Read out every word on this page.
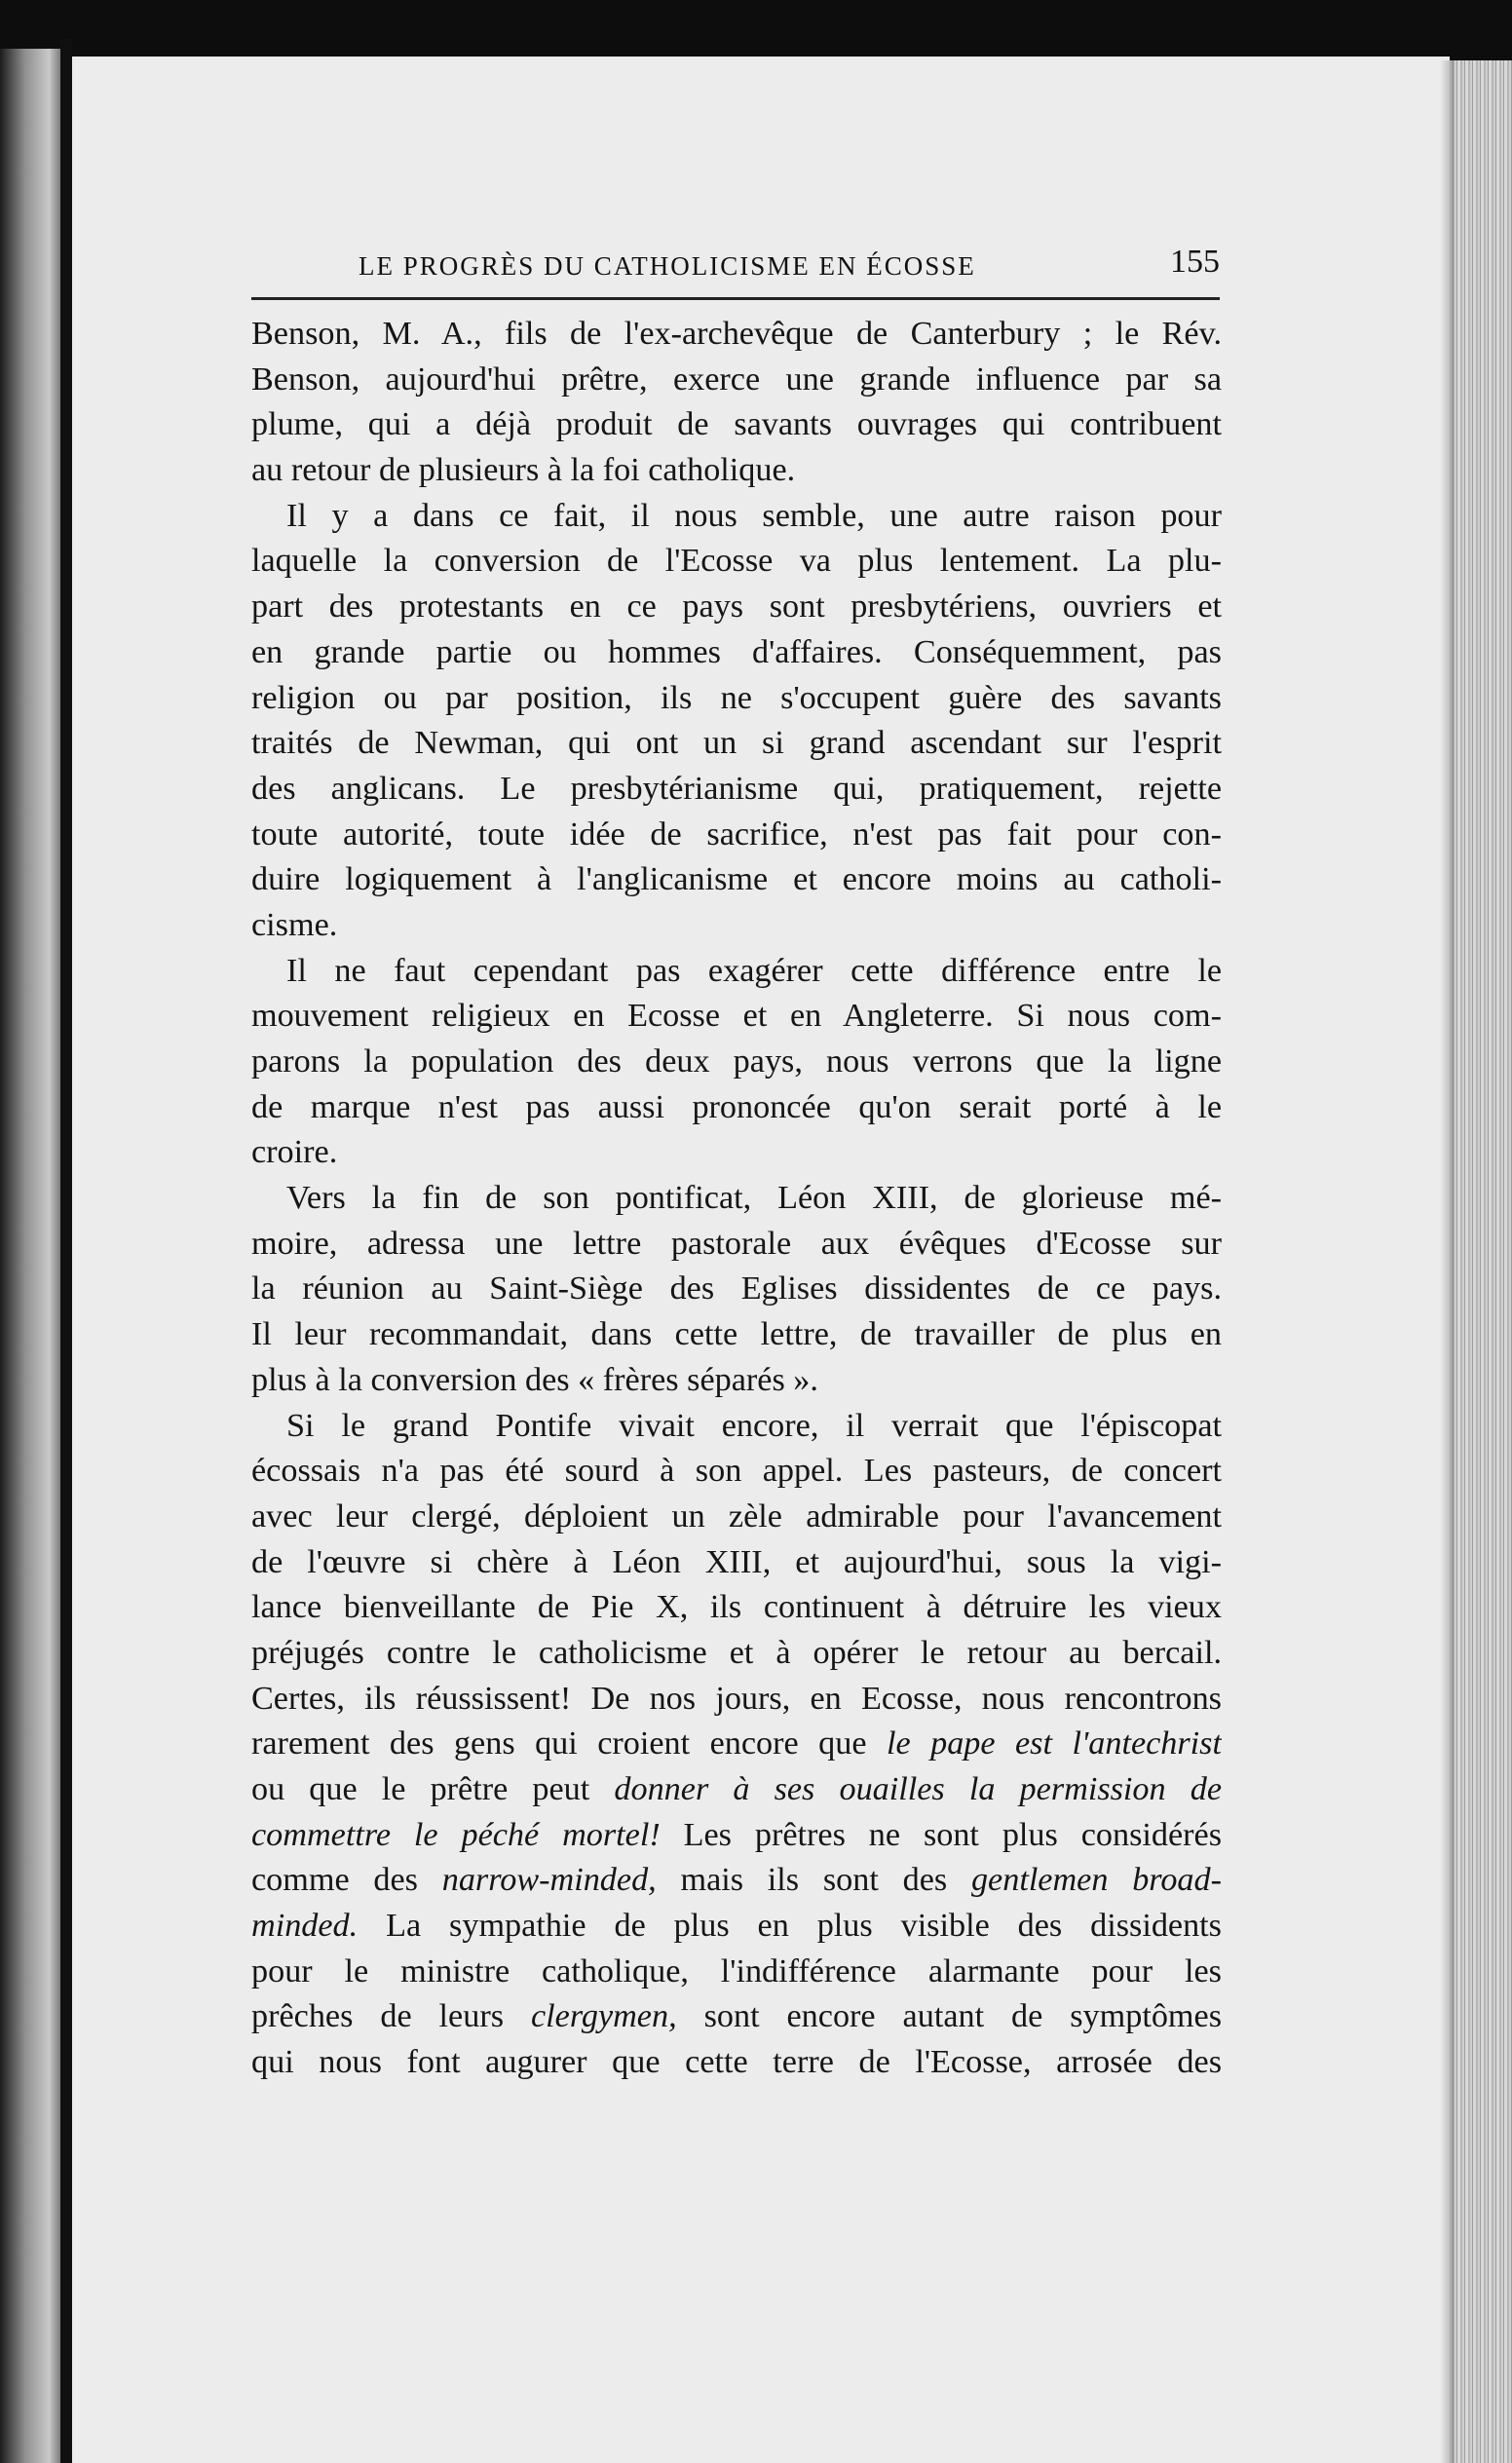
LE PROGRÈS DU CATHOLICISME EN ÉCOSSE	155
Benson, M. A., fils de l'ex-archevêque de Canterbury ; le Rév.
Benson, aujourd'hui prêtre, exerce une grande influence par sa
plume, qui a déjà produit de savants ouvrages qui contribuent
au retour de plusieurs à la foi catholique.
Il y a dans ce fait, il nous semble, une autre raison pour
laquelle la conversion de l'Ecosse va plus lentement. La plu-
part des protestants en ce pays sont presbytériens, ouvriers et
en grande partie ou hommes d'affaires. Conséquemment, pas
religion ou par position, ils ne s'occupent guère des savants
traités de Newman, qui ont un si grand ascendant sur l'esprit
des anglicans. Le presbytérianisme qui, pratiquement, rejette
toute autorité, toute idée de sacrifice, n'est pas fait pour con-
duire logiquement à l'anglicanisme et encore moins au catholi-
cisme.
Il ne faut cependant pas exagérer cette différence entre le
mouvement religieux en Ecosse et en Angleterre. Si nous com-
parons la population des deux pays, nous verrons que la ligne
de marque n'est pas aussi prononcée qu'on serait porté à le
croire.
Vers la fin de son pontificat, Léon XIII, de glorieuse mé-
moire, adressa une lettre pastorale aux évêques d'Ecosse sur
la réunion au Saint-Siège des Eglises dissidentes de ce pays.
Il leur recommandait, dans cette lettre, de travailler de plus en
plus à la conversion des « frères séparés ».
Si le grand Pontife vivait encore, il verrait que l'épiscopat
écossais n'a pas été sourd à son appel. Les pasteurs, de concert
avec leur clergé, déploient un zèle admirable pour l'avancement
de l'œuvre si chère à Léon XIII, et aujourd'hui, sous la vigi-
lance bienveillante de Pie X, ils continuent à détruire les vieux
préjugés contre le catholicisme et à opérer le retour au bercail.
Certes, ils réussissent! De nos jours, en Ecosse, nous rencontrons
rarement des gens qui croient encore que le pape est l'antechrist
ou que le prêtre peut donner à ses ouailles la permission de
commettre le péché mortel! Les prêtres ne sont plus considérés
comme des narrow-minded, mais ils sont des gentlemen broad-
minded. La sympathie de plus en plus visible des dissidents
pour le ministre catholique, l'indifférence alarmante pour les
prêches de leurs clergymen, sont encore autant de symptômes
qui nous font augurer que cette terre de l'Ecosse, arrosée des
